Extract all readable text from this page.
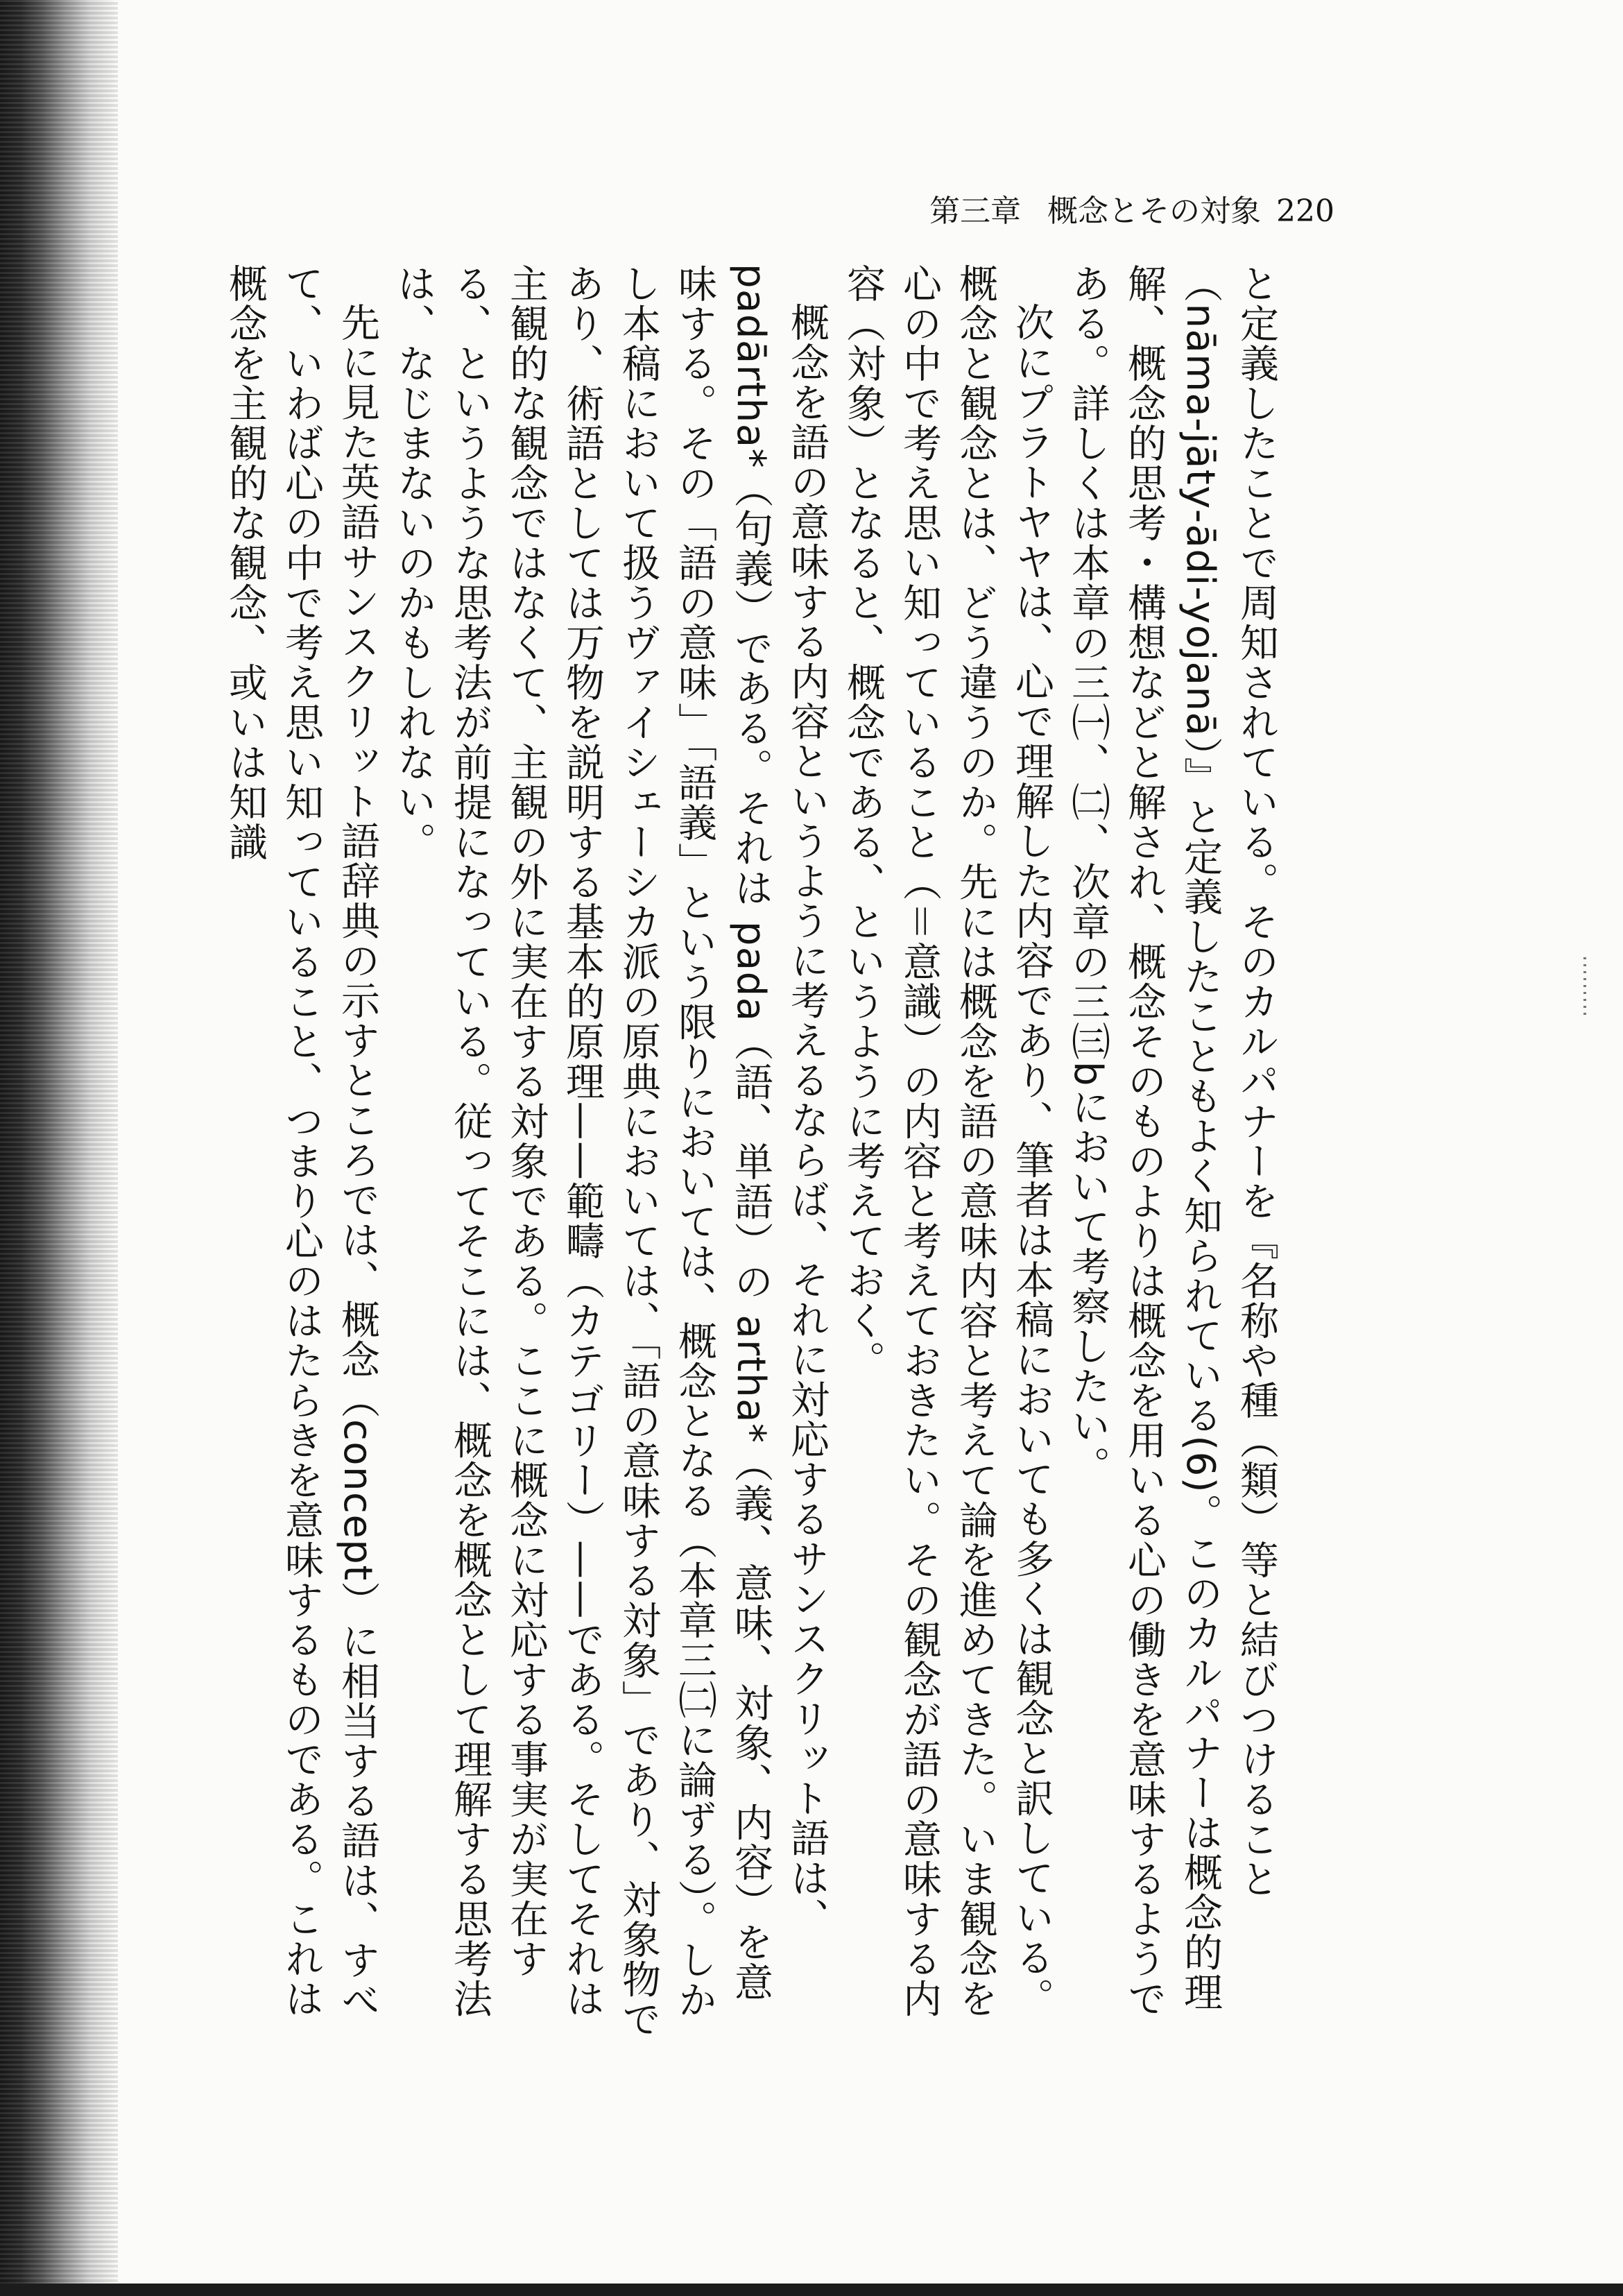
第三章 概念とその対象 220

と定義したことで周知されている。そのカルパナーを『名称や種（類）等と結びつけること（nāma-jāty-ādi-yojanā）』と定義したこともよく知られている(6)。このカルパナーは概念的理解、概念的思考・構想などと解され、概念そのものよりは概念を用いる心の働きを意味するようである。詳しくは本章の三㈠、㈡、次章の三㈢bにおいて考察したい。

次にプラトヤヤは、心で理解した内容であり、筆者は本稿においても多くは観念と訳している。概念と観念とは、どう違うのか。先には概念を語の意味内容と考えて論を進めてきた。いま観念を心の中で考え思い知っていること（＝意識）の内容と考えておきたい。その観念が語の意味する内容（対象）となると、概念である、というように考えておく。

概念を語の意味する内容というように考えるならば、それに対応するサンスクリット語は、padārtha*（句義）である。それは pada（語、単語）の artha*（義、意味、対象、内容）を意味する。その「語の意味」「語義」という限りにおいては、概念となる（本章三㈡に論ずる）。しかし本稿において扱うヴァイシェーシカ派の原典においては、「語の意味する対象」であり、対象物であり、術語としては万物を説明する基本的原理——範疇（カテゴリー）——である。そしてそれは主観的な観念ではなくて、主観の外に実在する対象である。ここに概念に対応する事実が実在する、というような思考法が前提になっている。従ってそこには、概念を概念として理解する思考法は、なじまないのかもしれない。

先に見た英語サンスクリット語辞典の示すところでは、概念（concept）に相当する語は、すべて、いわば心の中で考え思い知っていること、つまり心のはたらきを意味するものである。これは概念を主観的な観念、或いは知識
